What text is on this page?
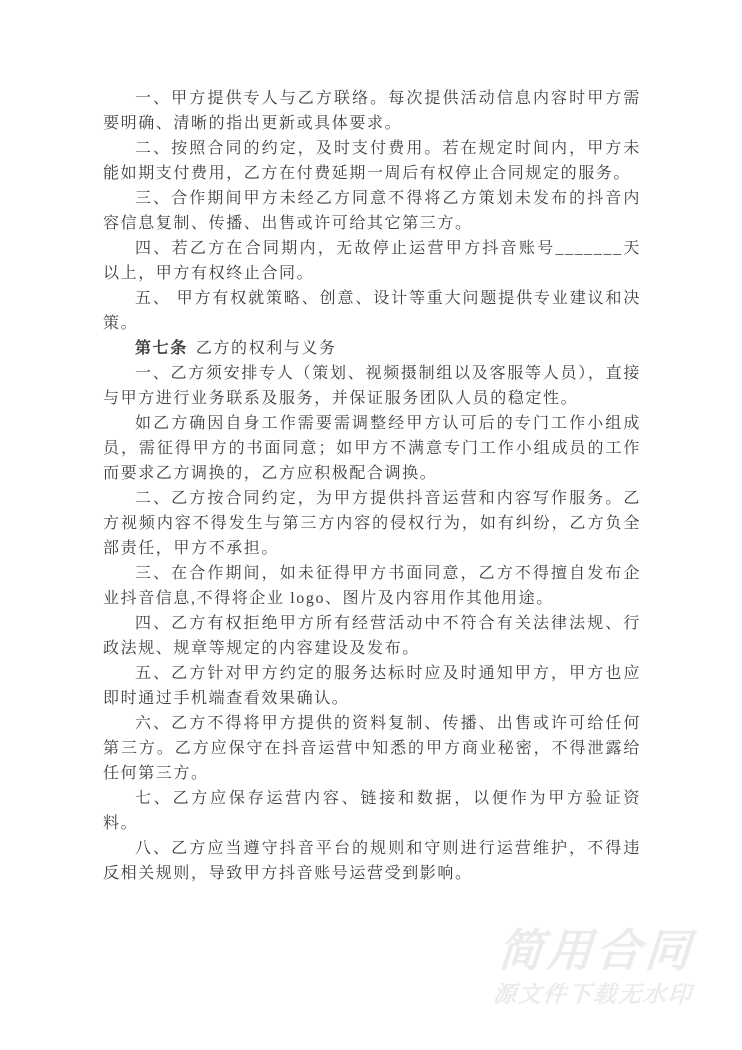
一、甲方提供专人与乙方联络。每次提供活动信息内容时甲方需要明确、清晰的指出更新或具体要求。

二、按照合同的约定，及时支付费用。若在规定时间内，甲方未能如期支付费用，乙方在付费延期一周后有权停止合同规定的服务。

三、合作期间甲方未经乙方同意不得将乙方策划未发布的抖音内容信息复制、传播、出售或许可给其它第三方。

四、若乙方在合同期内，无故停止运营甲方抖音账号_______天以上，甲方有权终止合同。

五、 甲方有权就策略、创意、设计等重大问题提供专业建议和决策。

第七条 乙方的权利与义务

一、乙方须安排专人（策划、视频摄制组以及客服等人员），直接与甲方进行业务联系及服务，并保证服务团队人员的稳定性。

如乙方确因自身工作需要需调整经甲方认可后的专门工作小组成员，需征得甲方的书面同意；如甲方不满意专门工作小组成员的工作而要求乙方调换的，乙方应积极配合调换。

二、乙方按合同约定，为甲方提供抖音运营和内容写作服务。乙方视频内容不得发生与第三方内容的侵权行为，如有纠纷，乙方负全部责任，甲方不承担。

三、在合作期间，如未征得甲方书面同意，乙方不得擅自发布企业抖音信息,不得将企业 logo、图片及内容用作其他用途。

四、乙方有权拒绝甲方所有经营活动中不符合有关法律法规、行政法规、规章等规定的内容建设及发布。

五、乙方针对甲方约定的服务达标时应及时通知甲方，甲方也应即时通过手机端查看效果确认。

六、乙方不得将甲方提供的资料复制、传播、出售或许可给任何第三方。乙方应保守在抖音运营中知悉的甲方商业秘密，不得泄露给任何第三方。

七、乙方应保存运营内容、链接和数据，以便作为甲方验证资料。

八、乙方应当遵守抖音平台的规则和守则进行运营维护，不得违反相关规则，导致甲方抖音账号运营受到影响。

简用合同
源文件下载无水印
